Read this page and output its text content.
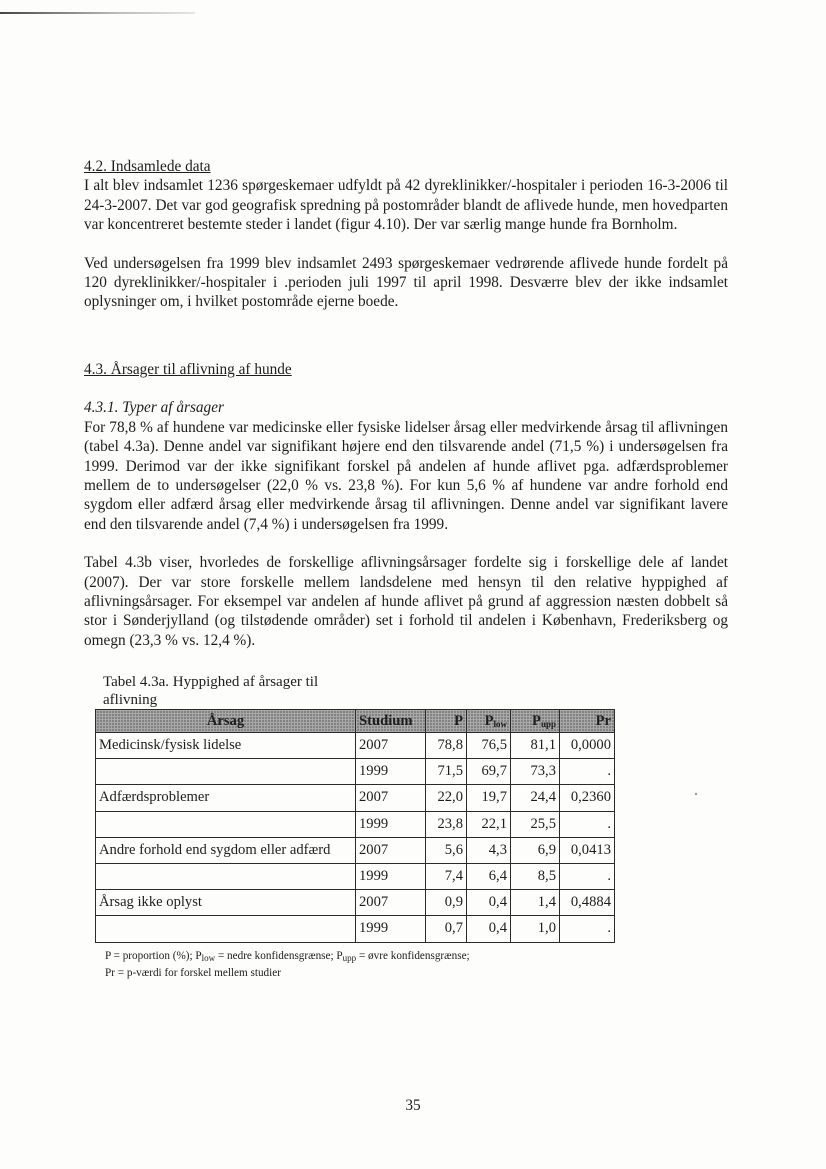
4.2. Indsamlede data

I alt blev indsamlet 1236 spørgeskemaer udfyldt på 42 dyreklinikker/-hospitaler i perioden 16-3-2006 til 24-3-2007. Det var god geografisk spredning på postområder blandt de aflivede hunde, men hovedparten var koncentreret bestemte steder i landet (figur 4.10). Der var særlig mange hunde fra Bornholm.

Ved undersøgelsen fra 1999 blev indsamlet 2493 spørgeskemaer vedrørende aflivede hunde fordelt på 120 dyreklinikker/-hospitaler i .perioden juli 1997 til april 1998. Desværre blev der ikke indsamlet oplysninger om, i hvilket postområde ejerne boede.

4.3. Årsager til aflivning af hunde
4.3.1. Typer af årsager

For 78,8 % af hundene var medicinske eller fysiske lidelser årsag eller medvirkende årsag til aflivningen (tabel 4.3a). Denne andel var signifikant højere end den tilsvarende andel (71,5 %) i undersøgelsen fra 1999. Derimod var der ikke signifikant forskel på andelen af hunde aflivet pga. adfærdsproblemer mellem de to undersøgelser (22,0 % vs. 23,8 %). For kun 5,6 % af hundene var andre forhold end sygdom eller adfærd årsag eller medvirkende årsag til aflivningen. Denne andel var signifikant lavere end den tilsvarende andel (7,4 %) i undersøgelsen fra 1999.

Tabel 4.3b viser, hvorledes de forskellige aflivningsårsager fordelte sig i forskellige dele af landet (2007). Der var store forskelle mellem landsdelene med hensyn til den relative hyppighed af aflivningsårsager. For eksempel var andelen af hunde aflivet på grund af aggression næsten dobbelt så stor i Sønderjylland (og tilstødende områder) set i forhold til andelen i København, Frederiksberg og omegn (23,3 % vs. 12,4 %).

Tabel 4.3a. Hyppighed af årsager til aflivning
Årsag	Studium	P	$P_{low}$	$P_{upp}$	Pr
Medicinsk/fysisk lidelse	2007	78,8	76,5	81,1	0,0000
	1999	71,5	69,7	73,3	.
Adfærdsproblemer	2007	22,0	19,7	24,4	0,2360
	1999	23,8	22,1	25,5	.
Andre forhold end sygdom eller adfærd	2007	5,6	4,3	6,9	0,0413
	1999	7,4	6,4	8,5	.
Årsag ikke oplyst	2007	0,9	0,4	1,4	0,4884
	1999	0,7	0,4	1,0	.
P = proportion (%); $P_{low}$ = nedre konfidensgrænse; $P_{upp}$ = øvre konfidensgrænse;
Pr = p-værdi for forskel mellem studier
35
